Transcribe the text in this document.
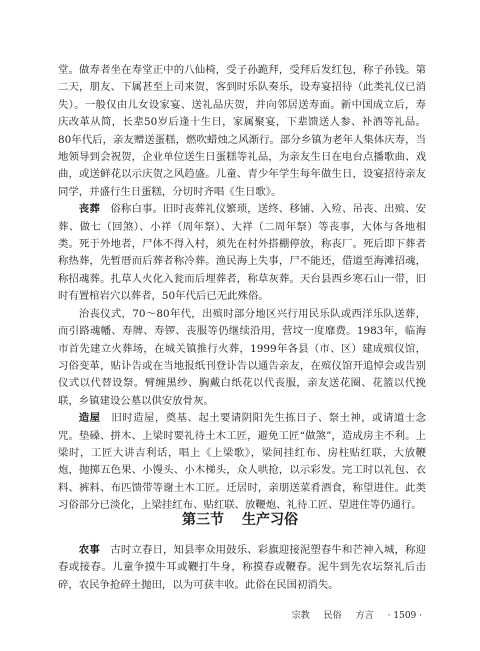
堂。做寿者坐在寿堂正中的八仙椅，受子孙跪拜，受拜后发红包，称子孙钱。第二天，朋友、下属甚至上司来贺，客到时乐队奏乐，设寿宴招待（此类礼仪已消失）。一般仅由儿女设家宴、送礼品庆贺，并向邻居送寿面。新中国成立后，寿庆改革从简，长辈50岁后逢十生日，家属聚宴，下辈馈送人参、补酒等礼品。80年代后，亲友赠送蛋糕，燃吹蜡烛之风渐行。部分乡镇为老年人集体庆寿，当地领导到会祝贺，企业单位送生日蛋糕等礼品，为亲友生日在电台点播歌曲、戏曲，或送鲜花以示庆贺之风趋盛。儿童、青少年学生每年做生日，设宴招待亲友同学，并盛行生日蛋糕，分切时齐唱《生日歌》。

丧葬　 俗称白事。旧时丧葬礼仪繁琐，送终、移铺、入殓、吊丧、出殡、安葬、做七（回煞）、小祥（周年祭）、大祥（二周年祭）等丧事，大体与各地相类。死于外地者，尸体不得入村，须先在村外搭棚停放，称丧厂。死后即下葬者称热葬，先暂厝而后葬者称冷葬。渔民海上失事，尸不能还，借道至海滩招魂，称招魂葬。扎草人火化入瓮而后埋葬者，称草灰葬。天台县西乡寒石山一带，旧时有置棺岩穴以葬者，50年代后已无此殊俗。

治丧仪式，70～80年代，出殡时部分地区兴行用民乐队或西洋乐队送葬，而引路魂幡、寿牌、寿锣、丧服等仍继续沿用，营坟一度靡费。1983年，临海市首先建立火葬场，在城关镇推行火葬，1999年各县（市、区）建成殡仪馆，习俗变革，贴讣告或在当地报纸刊登讣告以通告亲友，在殡仪馆开追悼会或告别仪式以代替设祭。臂缠黑纱、胸戴白纸花以代丧服，亲友送花圈、花篮以代挽联，乡镇建设公墓以供安放骨灰。

造屋　 旧时造屋，奠基、起土要请阴阳先生拣日子、祭土神，或请道士念咒。垫磉、拼木、上梁时要礼待土木工匠，避免工匠“做煞”，造成房主不利。上梁时，工匠大讲吉利话，唱上《上梁歌》，梁间挂红布、房柱贴红联，大放鞭炮，抛掷五色果、小馒头、小木梯头，众人哄抢，以示彩发。完工时以礼包、衣料、裤料、布匹馈带等谢土木工匠。迁居时，亲朋送菜肴酒食，称望进住。此类习俗部分已淡化，上梁挂红布、贴红联、放鞭炮、礼待工匠、望进住等仍通行。

第三节 生产习俗

农事　 古时立春日，知县率众用鼓乐、彩旗迎接泥塑春牛和芒神入城，称迎春或接春。儿童争摸牛耳或鞭打牛身，称摸春或鞭春。泥牛到先农坛祭礼后击碎，农民争抢碎土抛田，以为可获丰收。此俗在民国初消失。

宗教 民俗 方言 · 1509 ·
